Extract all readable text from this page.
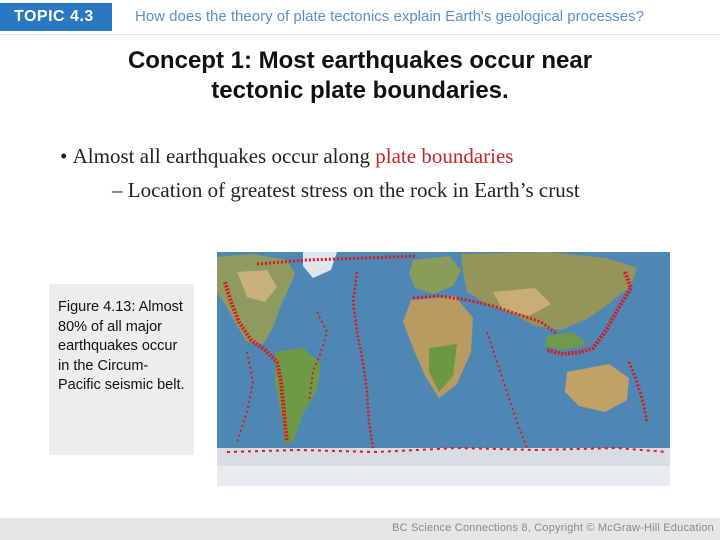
TOPIC 4.3	How does the theory of plate tectonics explain Earth's geological processes?
Concept 1: Most earthquakes occur near
tectonic plate boundaries.
• Almost all earthquakes occur along plate boundaries
– Location of greatest stress on the rock in Earth’s crust
Figure 4.13: Almost 80% of all major earthquakes occur in the Circum-Pacific seismic belt.
BC Science Connections 8, Copyright © McGraw-Hill Education
